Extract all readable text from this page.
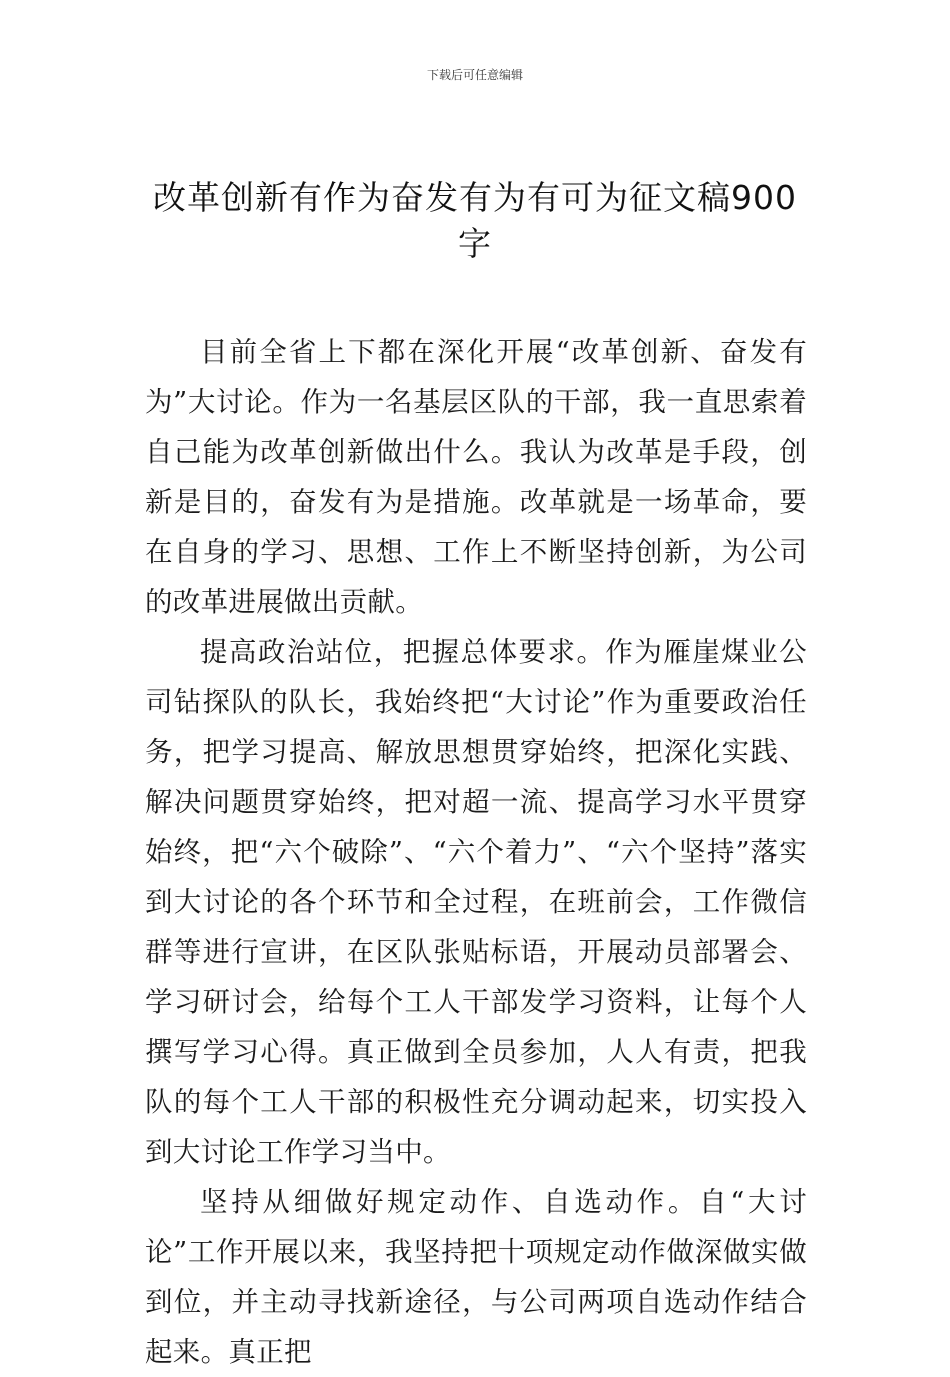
下载后可任意编辑
改革创新有作为奋发有为有可为征文稿900字

目前全省上下都在深化开展“改革创新、奋发有为”大讨论。作为一名基层区队的干部，我一直思索着自己能为改革创新做出什么。我认为改革是手段，创新是目的，奋发有为是措施。改革就是一场革命，要在自身的学习、思想、工作上不断坚持创新，为公司的改革进展做出贡献。

提高政治站位，把握总体要求。作为雁崖煤业公司钻探队的队长，我始终把“大讨论”作为重要政治任务，把学习提高、解放思想贯穿始终，把深化实践、解决问题贯穿始终，把对超一流、提高学习水平贯穿始终，把“六个破除”、“六个着力”、“六个坚持”落实到大讨论的各个环节和全过程，在班前会，工作微信群等进行宣讲，在区队张贴标语，开展动员部署会、学习研讨会，给每个工人干部发学习资料，让每个人撰写学习心得。真正做到全员参加，人人有责，把我队的每个工人干部的积极性充分调动起来，切实投入到大讨论工作学习当中。

坚持从细做好规定动作、自选动作。自“大讨论”工作开展以来，我坚持把十项规定动作做深做实做到位，并主动寻找新途径，与公司两项自选动作结合起来。真正把
